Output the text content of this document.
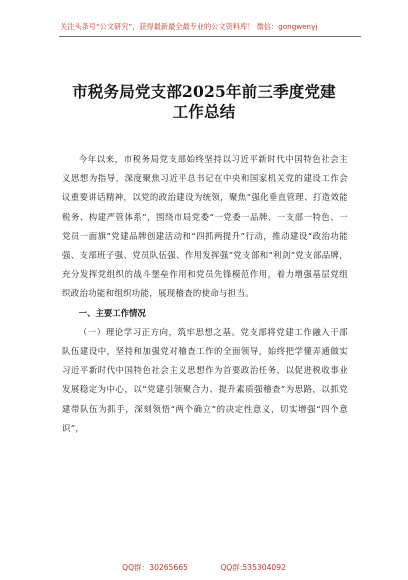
关注头条号“公文研究”，获得最新最全最专业的公文资料库！ 微信：gongwenyj
市税务局党支部2025年前三季度党建
工作总结

今年以来，市税务局党支部始终坚持以习近平新时代中国特色社会主义思想为指导，深度聚焦习近平总书记在中央和国家机关党的建设工作会议重要讲话精神，以党的政治建设为统领，聚焦“强化垂直管理、打造效能税务、构建严管体系”，围绕市局党委“一党委一品牌、一支部一特色、一党员一面旗”党建品牌创建活动和“四抓两提升”行动，推动建设“政治功能强、支部班子强、党员队伍强、作用发挥强”党支部和“利剑”党支部品牌，充分发挥党组织的战斗堡垒作用和党员先锋模范作用，着力增强基层党组织政治功能和组织功能，展现稽查的使命与担当。

一、主要工作情况

（一）理论学习正方向，筑牢思想之基。党支部将党建工作融入干部队伍建设中，坚持和加强党对稽查工作的全面领导，始终把学懂弄通做实习近平新时代中国特色社会主义思想作为首要政治任务，以促进税收事业发展稳定为中心，以“党建引领聚合力、提升素质强稽查”为思路，以抓党建带队伍为抓手，深刻领悟“两个确立”的决定性意义，切实增强“四个意识”，

QQ群：30265665	QQ群:535304092
